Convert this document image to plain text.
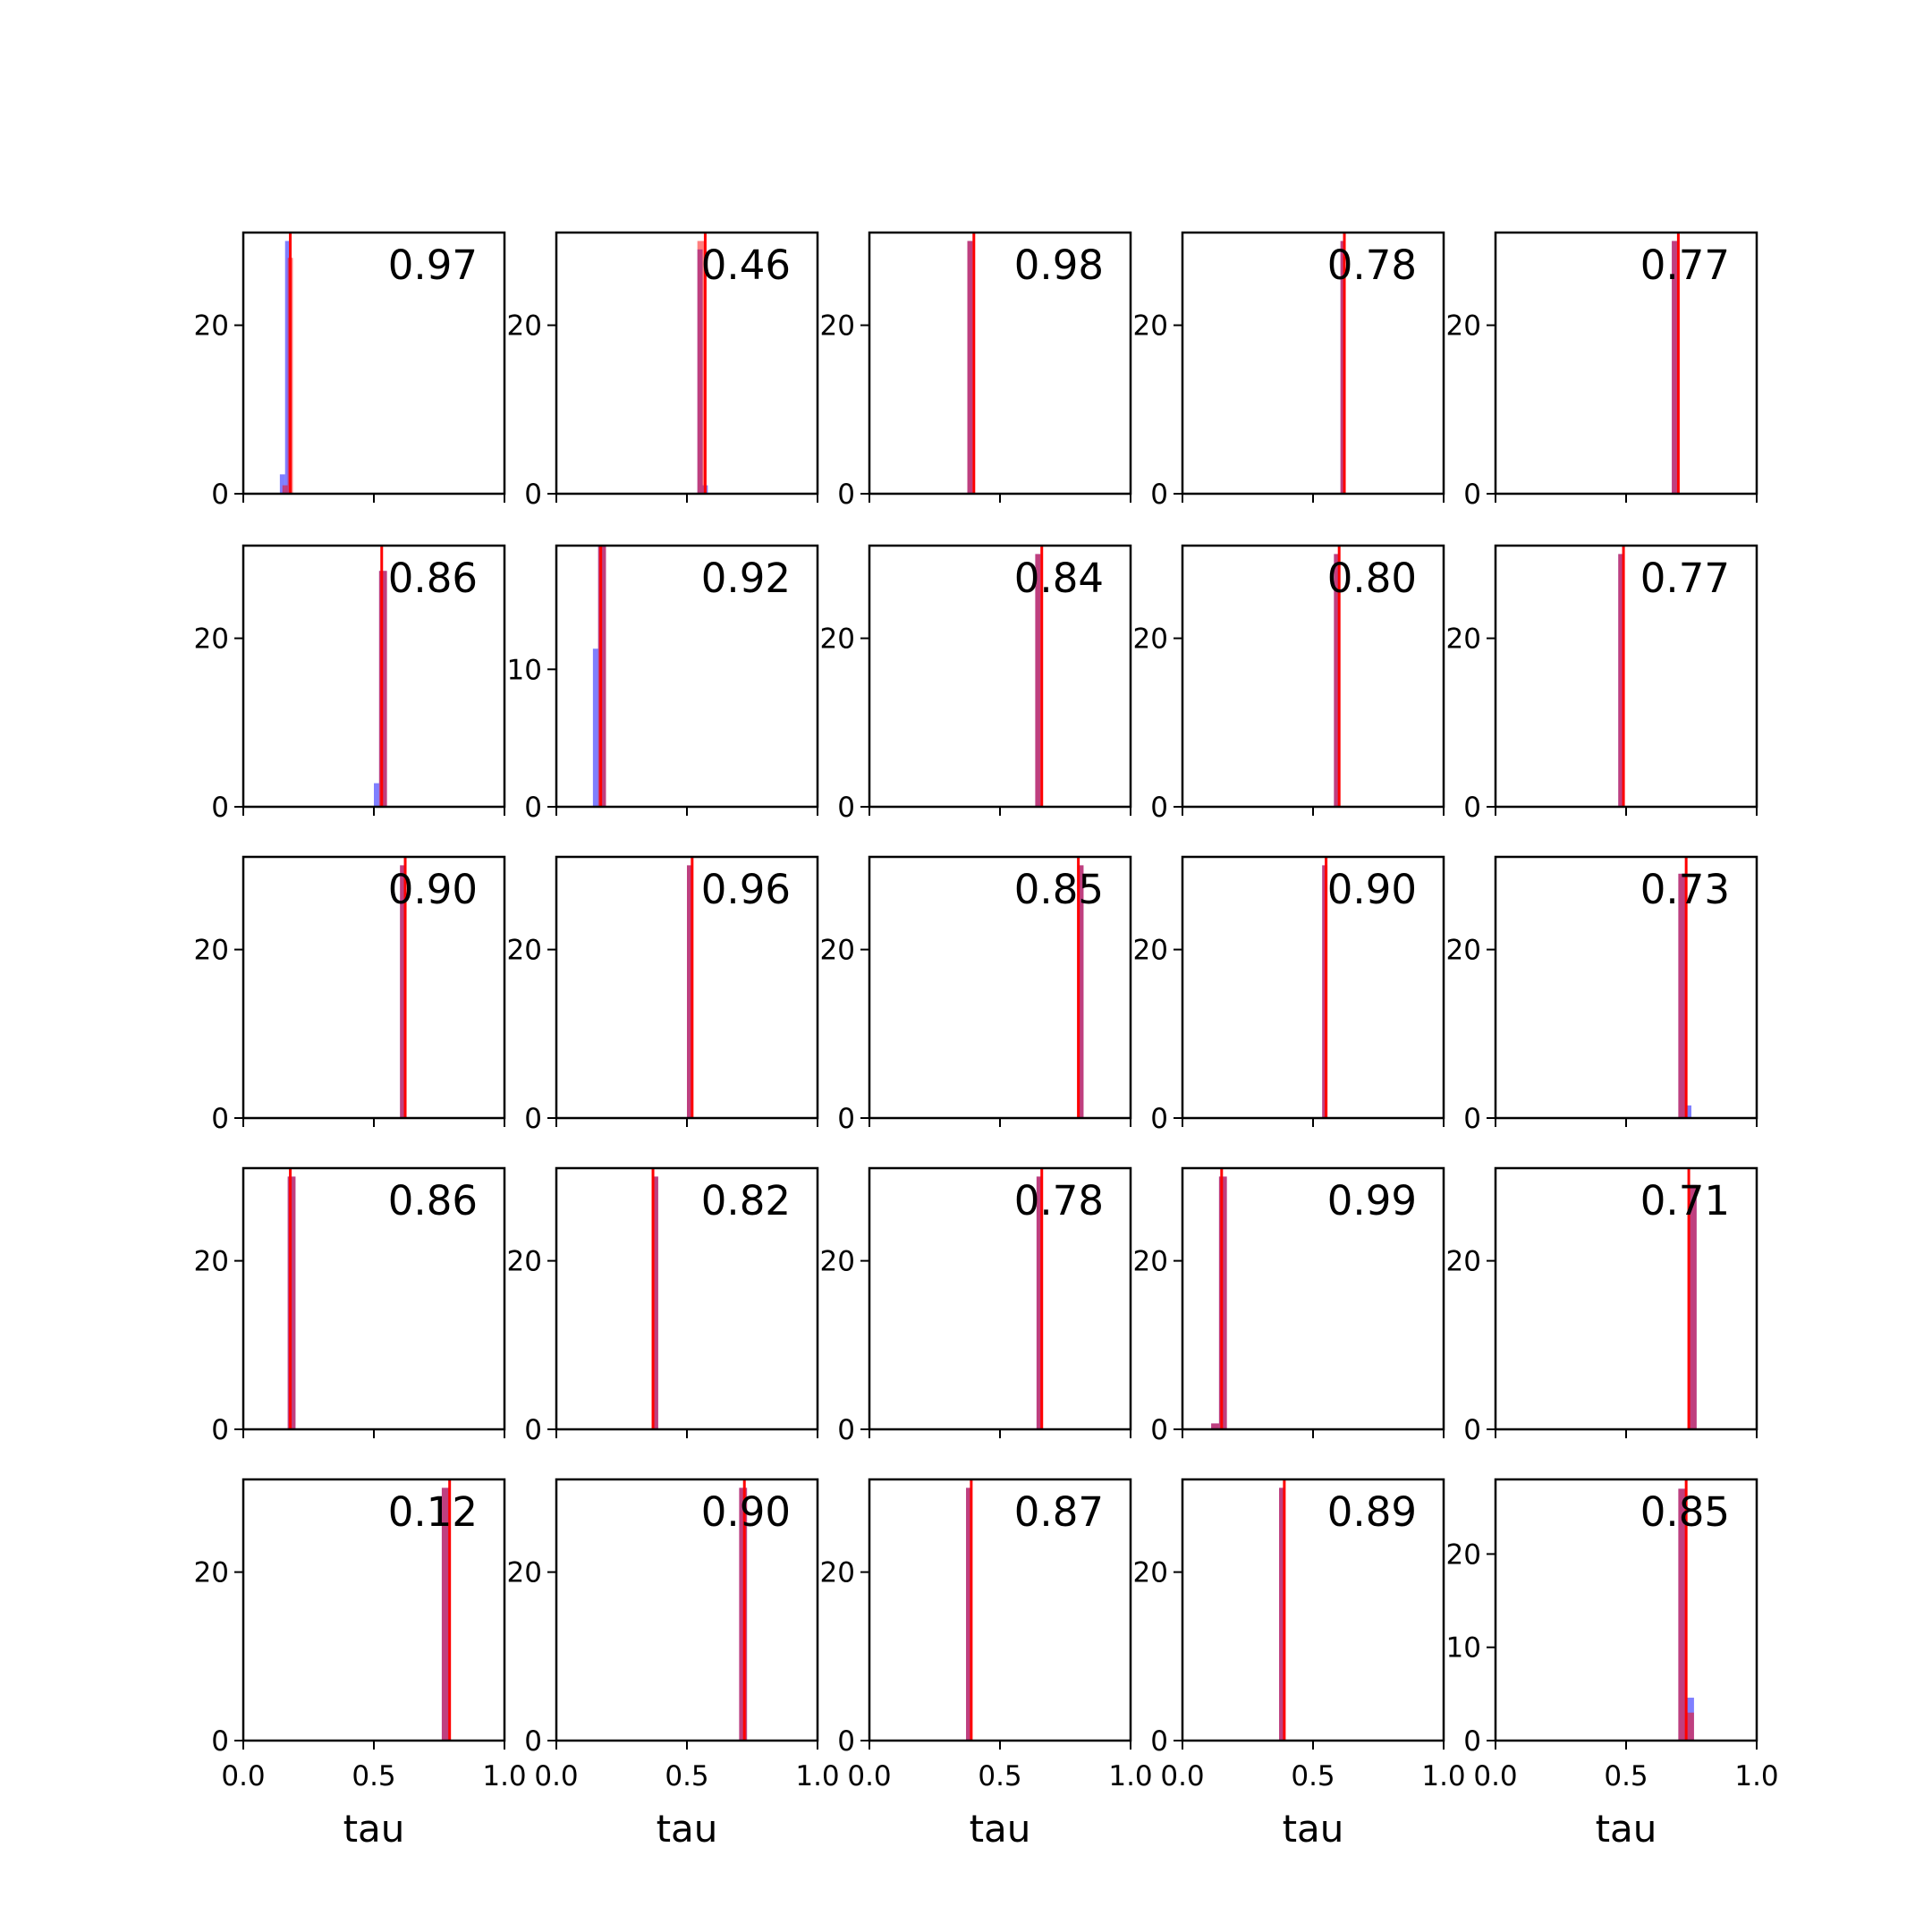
0
20
0.97
0
20
0.46
0
20
0.98
0
20
0.78
0
20
0.77
0
20
0.86
0
10
0.92
0
20
0.84
0
20
0.80
0
20
0.77
0
20
0.90
0
20
0.96
0
20
0.85
0
20
0.90
0
20
0.73
0
20
0.86
0
20
0.82
0
20
0.78
0
20
0.99
0
20
0.71
0
20
0.0	0.5	1.0
tau
0.12
0
20
0.0	0.5	1.0
tau
0.90
0
20
0.0	0.5	1.0
tau
0.87
0
20
0.0	0.5	1.0
tau
0.89
0
10
20
0.0	0.5	1.0
tau
0.85
